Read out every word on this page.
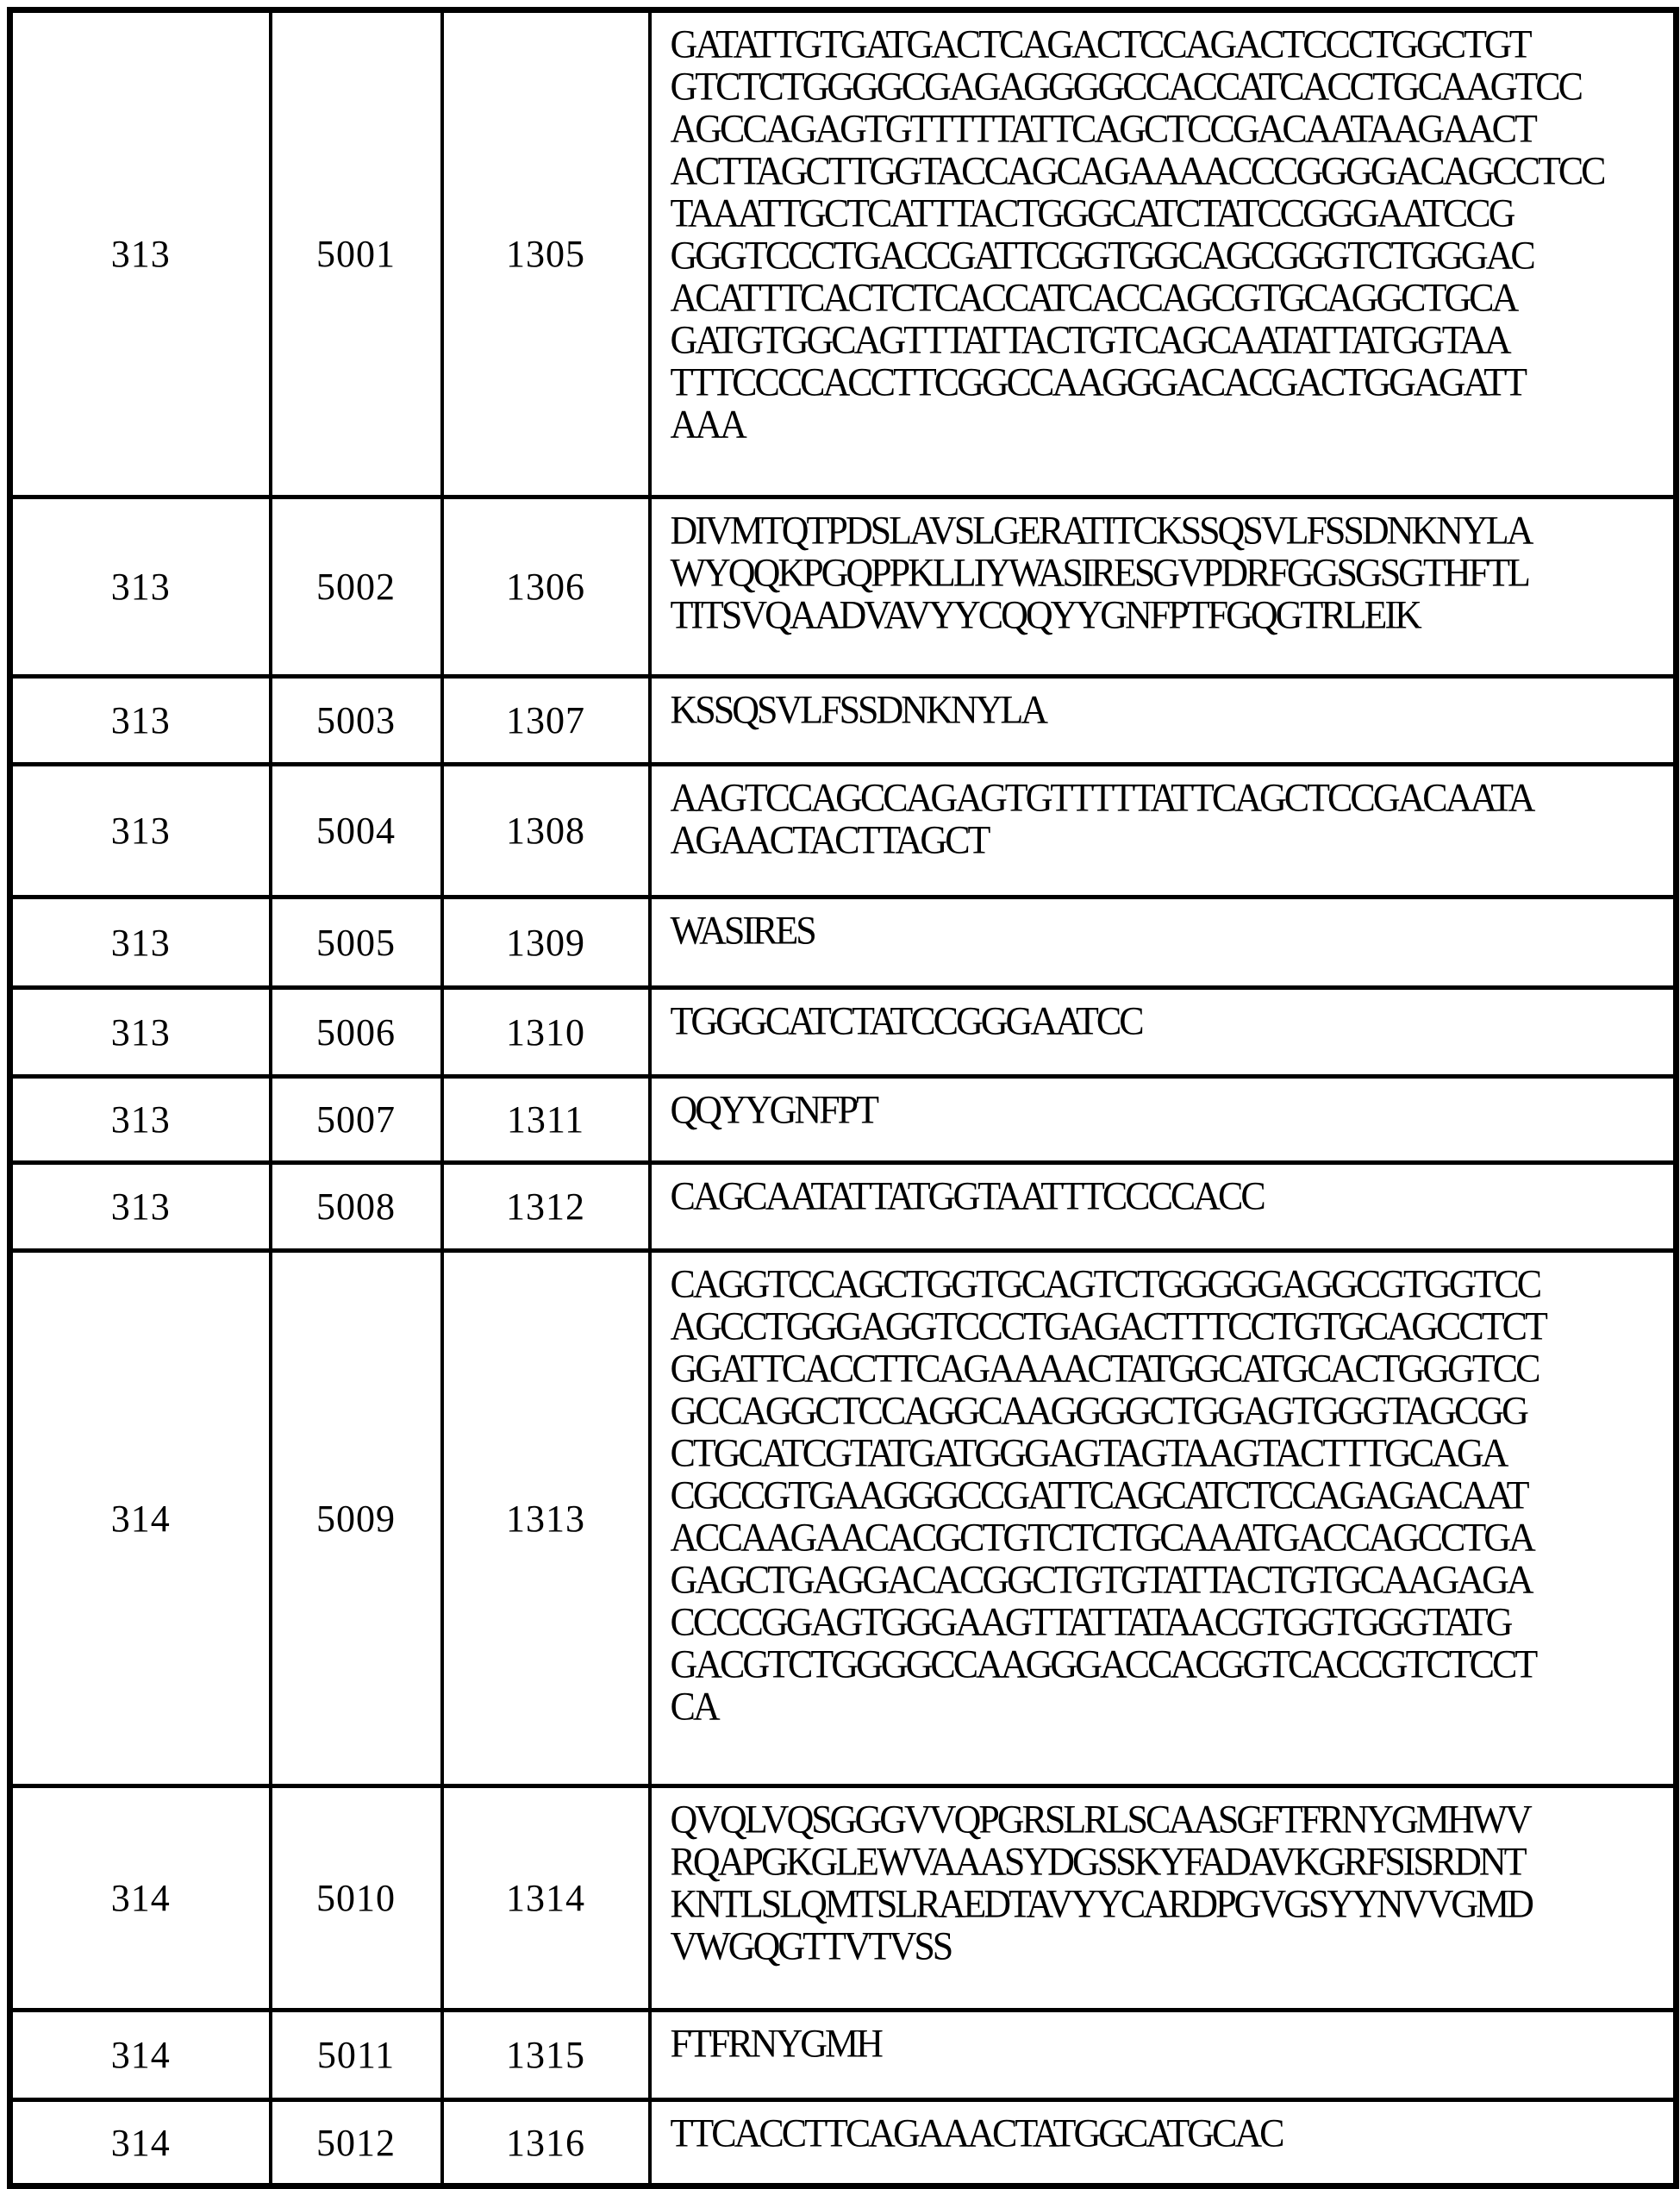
313	5001	1305	
GATATTGTGATGACTCAGACTCCAGACTCCCTGGCTGT
GTCTCTGGGGCGAGAGGGGCCACCATCACCTGCAAGTCC
AGCCAGAGTGTTTTTATTCAGCTCCGACAATAAGAACT
ACTTAGCTTGGTACCAGCAGAAAACCCGGGGACAGCCTCC
TAAATTGCTCATTTACTGGGCATCTATCCGGGAATCCG
GGGTCCCTGACCGATTCGGTGGCAGCGGGTCTGGGAC
ACATTTCACTCTCACCATCACCAGCGTGCAGGCTGCA
GATGTGGCAGTTTATTACTGTCAGCAATATTATGGTAA
TTTCCCCACCTTCGGCCAAGGGACACGACTGGAGATT
AAA

313	5002	1306	DIVMTQTPDSLAVSLGERATITCKSSQSVLFSSDNKNYLA
WYQQKPGQPPKLLIYWASIRESGVPDRFGGSGSGTHFTL
TITSVQAADVAVYYCQQYYGNFPTFGQGTRLEIK

313	5003	1307	KSSQSVLFSSDNKNYLA

313	5004	1308	AAGTCCAGCCAGAGTGTTTTTATTCAGCTCCGACAATA
AGAACTACTTAGCT

313	5005	1309	WASIRES

313	5006	1310	TGGGCATCTATCCGGGAATCC

313	5007	1311	QQYYGNFPT

313	5008	1312	CAGCAATATTATGGTAATTTCCCCACC

314	5009	1313	
CAGGTCCAGCTGGTGCAGTCTGGGGGAGGCGTGGTCC
AGCCTGGGAGGTCCCTGAGACTTTCCTGTGCAGCCTCT
GGATTCACCTTCAGAAAACTATGGCATGCACTGGGTCC
GCCAGGCTCCAGGCAAGGGGCTGGAGTGGGTAGCGG
CTGCATCGTATGATGGGAGTAGTAAGTACTTTGCAGA
CGCCGTGAAGGGCCGATTCAGCATCTCCAGAGACAAT
ACCAAGAACACGCTGTCTCTGCAAATGACCAGCCTGA
GAGCTGAGGACACGGCTGTGTATTACTGTGCAAGAGA
CCCCGGAGTGGGAAGTTATTATAACGTGGTGGGTATG
GACGTCTGGGGCCAAGGGACCACGGTCACCGTCTCCT
CA

314	5010	1314	QVQLVQSGGGVVQPGRSLRLSCAASGFTFRNYGMHWV
RQAPGKGLEWVAAASYDGSSKYFADAVKGRFSISRDNT
KNTLSLQMTSLRAEDTAVYYCARDPGVGSYYNVVGMD
VWGQGTTVTVSS

314	5011	1315	FTFRNYGMH

314	5012	1316	TTCACCTTCAGAAACTATGGCATGCAC
